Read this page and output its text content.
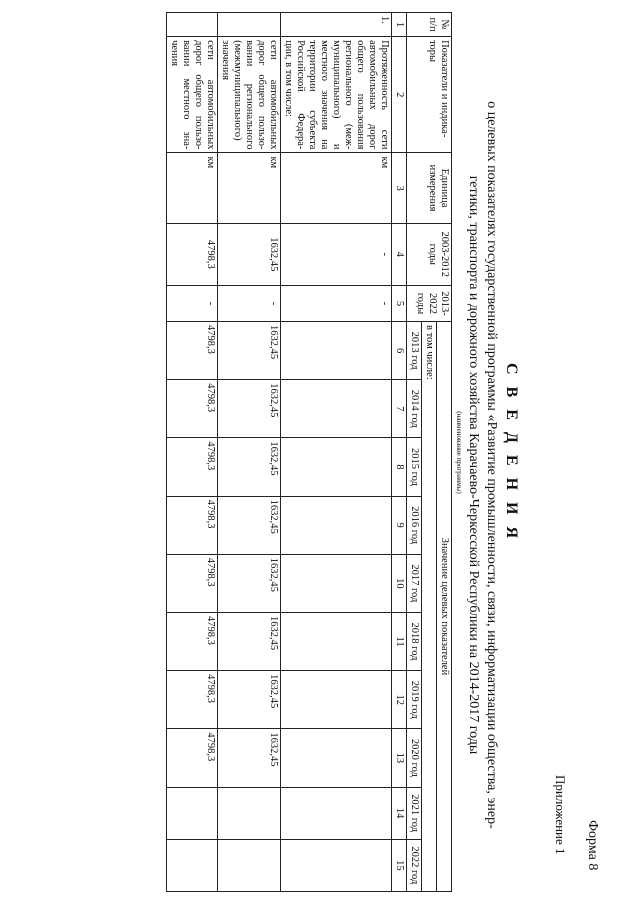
Форма 8
Приложение 1
С В Е Д Е Н И Я
о целевых показателях государственной программы «Развитие промышленности, связи, информатизации общества, энер-
гетики, транспорта и дорожного хозяйства Карачаево-Черкесской Республики на 2014-2017 годы
(наименование программы)
№ п/п	Показатели и индика-торы	Единица измерения	2003-2012 годы	2013-2022 годы	Значение целевых показателей									
					в том числе:									
					2013 год	2014 год	2015 год	2016 год	2017 год	2018 год	2019 год	2020 год	2021 год	2022 год
1	2	3	4	5	6	7	8	9	10	11	12	13	14	15
1.	Протяженность сети автомобильных дорог общего пользования регионального (меж-муниципального) и местного значения на территории субъекта Российской Федера-ции, в том числе:	км	-	-										
	сети автомобильных дорог общего пользо-вании регионального (межмуниципального) значения	км	1632,45	-	1632,45	1632,45	1632,45	1632,45	1632,45	1632,45	1632,45	1632,45		
	сети автомобильных дорог общего пользо-вании местного зна-чения	км	4798,3	-	4798,3	4798,3	4798,3	4798,3	4798,3	4798,3	4798,3	4798,3		
